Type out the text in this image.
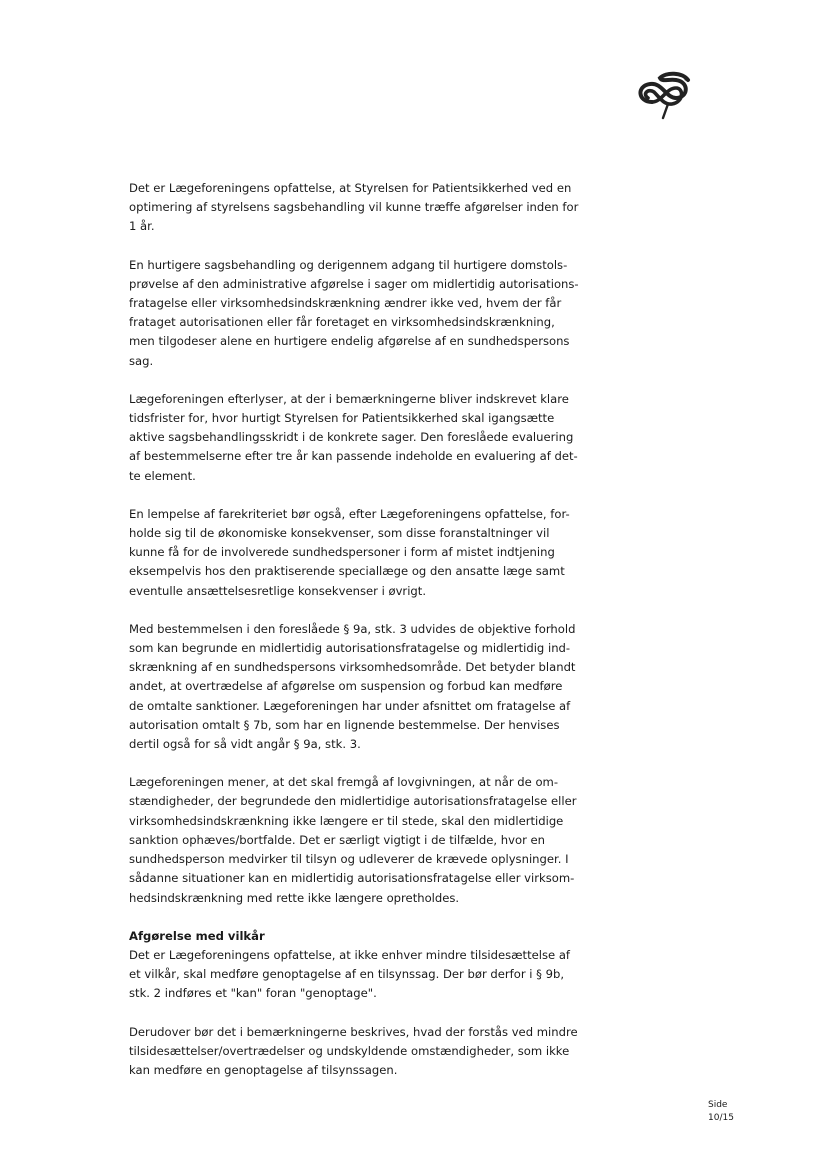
Det er Lægeforeningens opfattelse, at Styrelsen for Patientsikkerhed ved en
optimering af styrelsens sagsbehandling vil kunne træffe afgørelser inden for
1 år.

En hurtigere sagsbehandling og derigennem adgang til hurtigere domstols-
prøvelse af den administrative afgørelse i sager om midlertidig autorisations-
fratagelse eller virksomhedsindskrænkning ændrer ikke ved, hvem der får
frataget autorisationen eller får foretaget en virksomhedsindskrænkning,
men tilgodeser alene en hurtigere endelig afgørelse af en sundhedspersons
sag.

Lægeforeningen efterlyser, at der i bemærkningerne bliver indskrevet klare
tidsfrister for, hvor hurtigt Styrelsen for Patientsikkerhed skal igangsætte
aktive sagsbehandlingsskridt i de konkrete sager. Den foreslåede evaluering
af bestemmelserne efter tre år kan passende indeholde en evaluering af det-
te element.

En lempelse af farekriteriet bør også, efter Lægeforeningens opfattelse, for-
holde sig til de økonomiske konsekvenser, som disse foranstaltninger vil
kunne få for de involverede sundhedspersoner i form af mistet indtjening
eksempelvis hos den praktiserende speciallæge og den ansatte læge samt
eventulle ansættelsesretlige konsekvenser i øvrigt.

Med bestemmelsen i den foreslåede § 9a, stk. 3 udvides de objektive forhold
som kan begrunde en midlertidig autorisationsfratagelse og midlertidig ind-
skrænkning af en sundhedspersons virksomhedsområde. Det betyder blandt
andet, at overtrædelse af afgørelse om suspension og forbud kan medføre
de omtalte sanktioner. Lægeforeningen har under afsnittet om fratagelse af
autorisation omtalt § 7b, som har en lignende bestemmelse. Der henvises
dertil også for så vidt angår § 9a, stk. 3.

Lægeforeningen mener, at det skal fremgå af lovgivningen, at når de om-
stændigheder, der begrundede den midlertidige autorisationsfratagelse eller
virksomhedsindskrænkning ikke længere er til stede, skal den midlertidige
sanktion ophæves/bortfalde. Det er særligt vigtigt i de tilfælde, hvor en
sundhedsperson medvirker til tilsyn og udleverer de krævede oplysninger. I
sådanne situationer kan en midlertidig autorisationsfratagelse eller virksom-
hedsindskrænkning med rette ikke længere opretholdes.

Afgørelse med vilkår

Det er Lægeforeningens opfattelse, at ikke enhver mindre tilsidesættelse af
et vilkår, skal medføre genoptagelse af en tilsynssag. Der bør derfor i § 9b,
stk. 2 indføres et "kan" foran "genoptage".

Derudover bør det i bemærkningerne beskrives, hvad der forstås ved mindre
tilsidesættelser/overtrædelser og undskyldende omstændigheder, som ikke
kan medføre en genoptagelse af tilsynssagen.

Side
10/15
